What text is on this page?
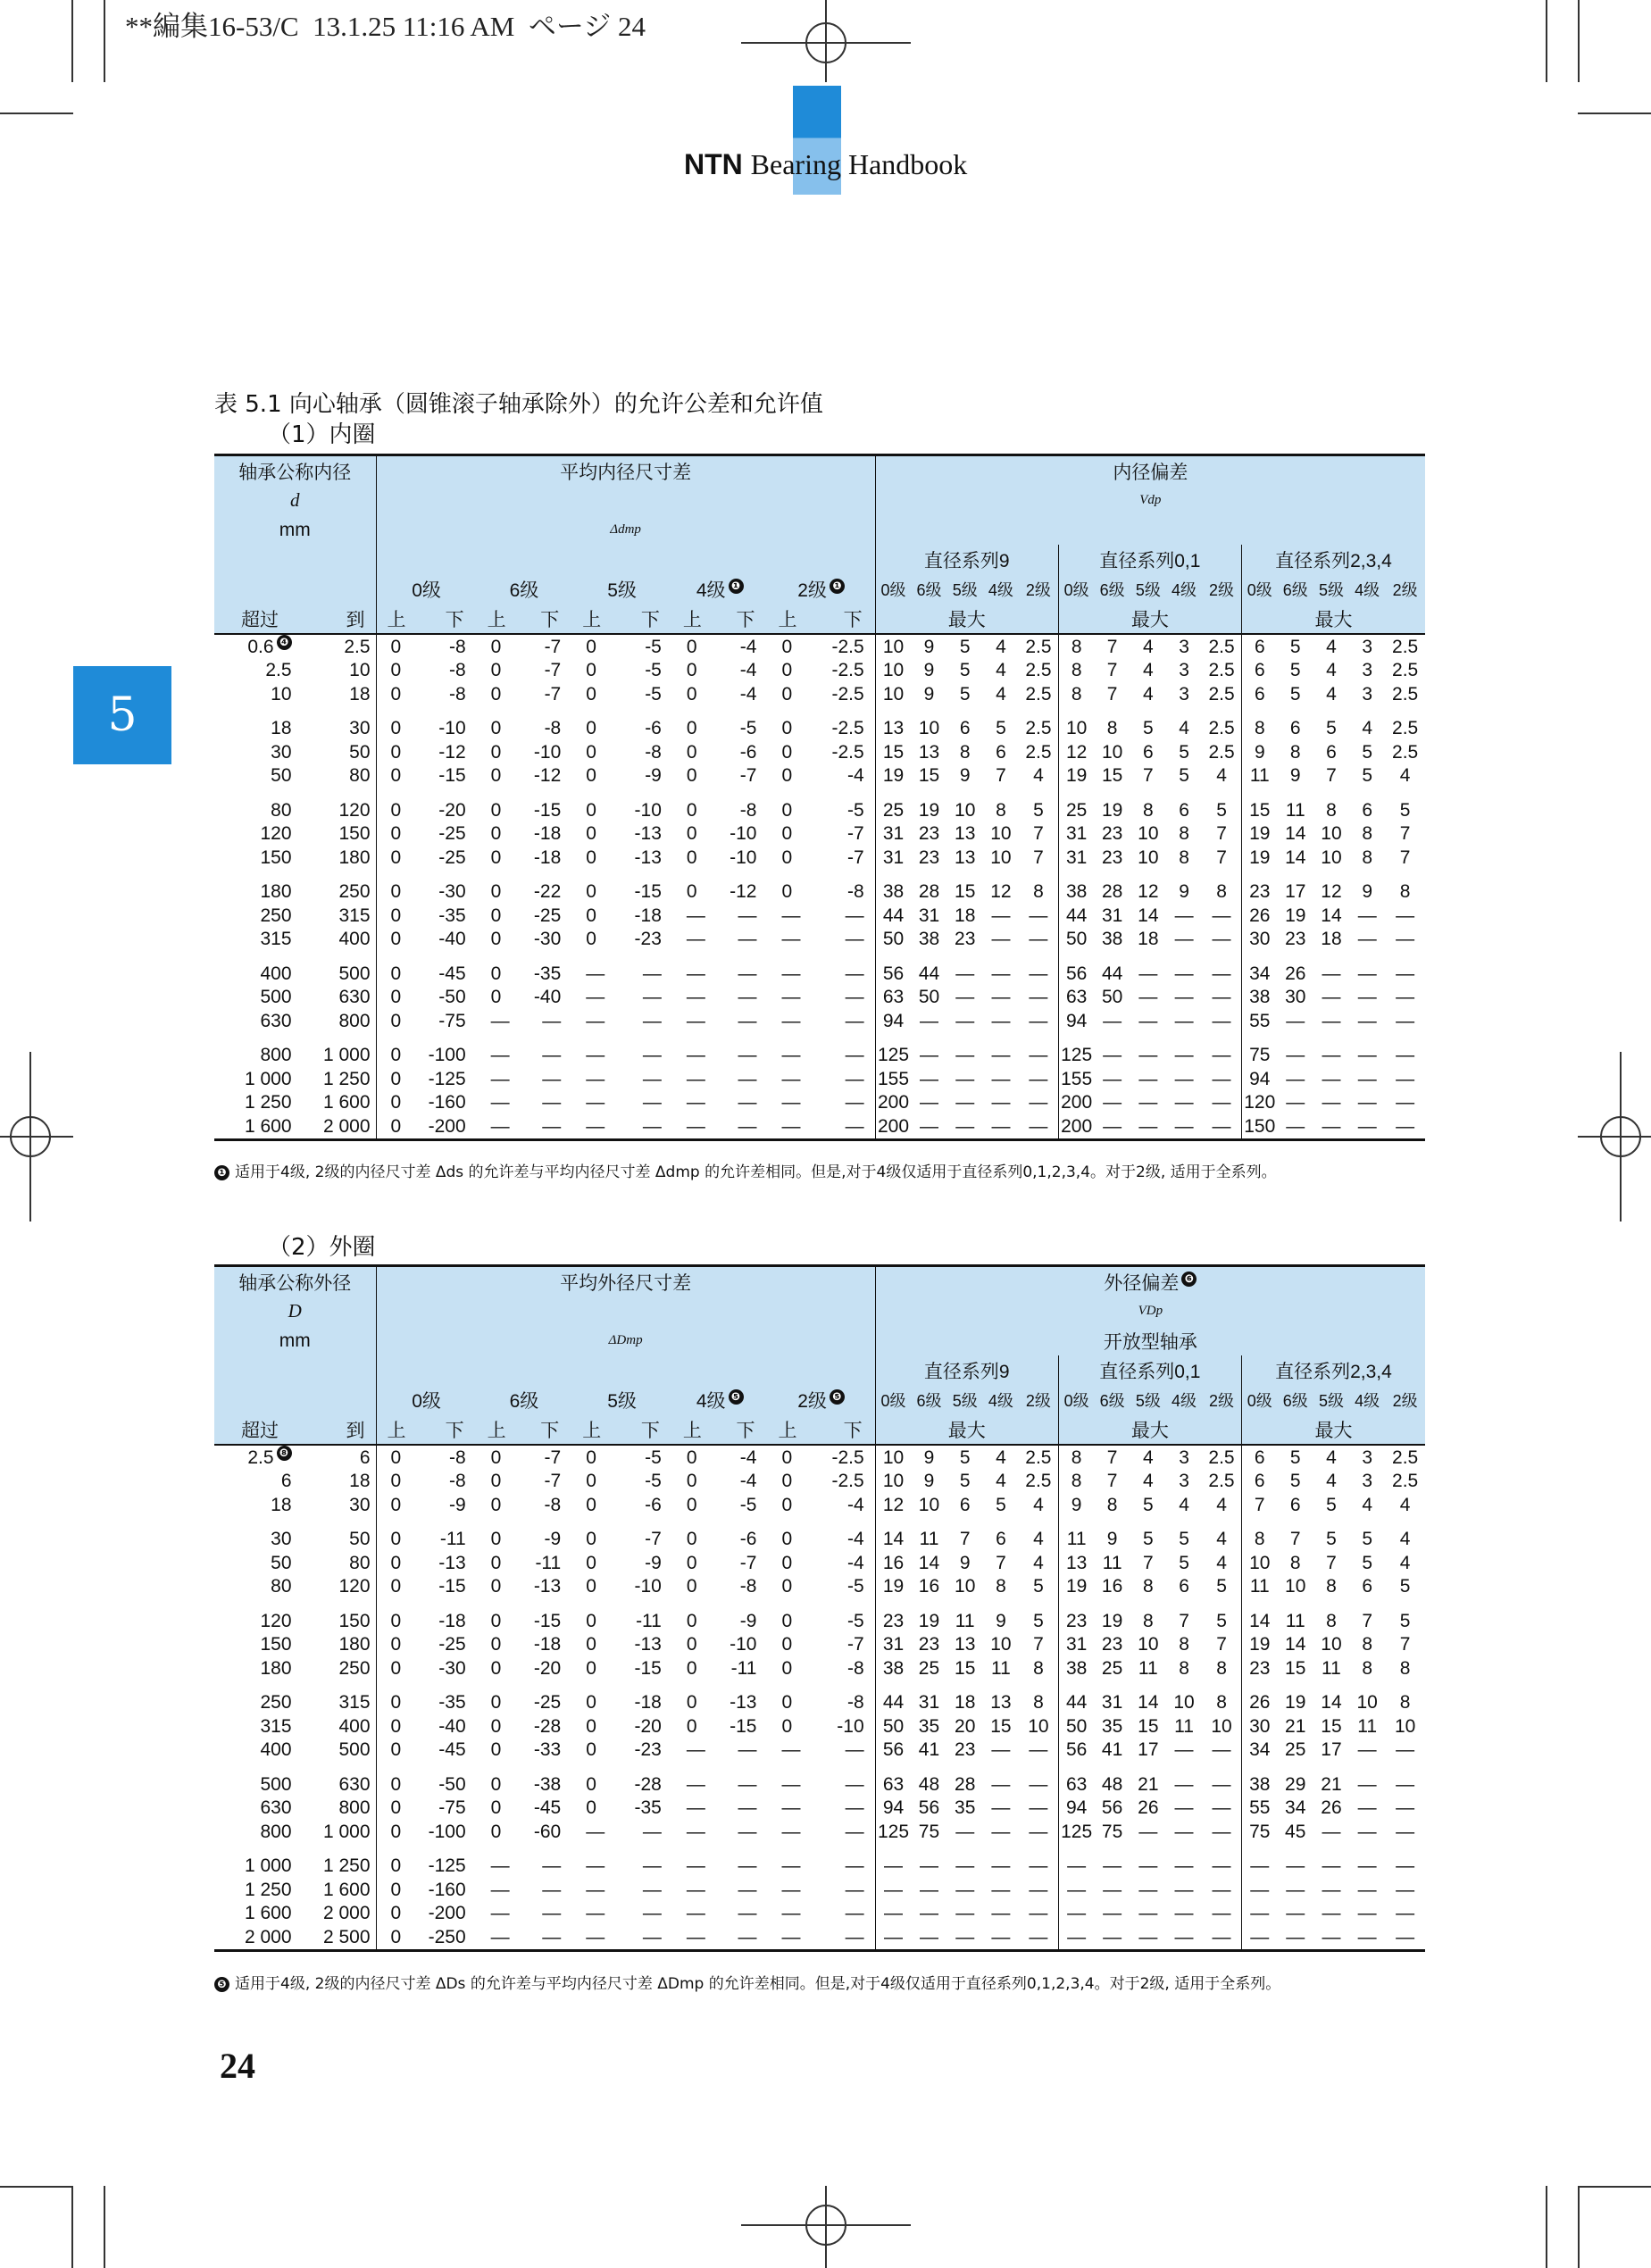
**編集16-53/C  13.1.25 11:16 AM  ページ 24
NTN Bearing Handbook
5
表 5.1 向心轴承（圆锥滚子轴承除外）的允许公差和允许值
（1）内圈
（2）外圈
轴承公称内径		平均内径尺寸差										内径偏差														
d												Vdp														
mm		Δdmp																								
												直径系列9					直径系列0,1					直径系列2,3,4				
		0级		6级		5级		4级 ❶		2级 ❶		0级	6级	5级	4级	2级	0级	6级	5级	4级	2级	0级	6级	5级	4级	2级
超过	到	上	下	上	下	上	下	上	下	上	下	最大					最大					最大				
0.6 ❹	2.5	0	-8	0	-7	0	-5	0	-4	0	-2.5	10	9	5	4	2.5	8	7	4	3	2.5	6	5	4	3	2.5
2.5	10	0	-8	0	-7	0	-5	0	-4	0	-2.5	10	9	5	4	2.5	8	7	4	3	2.5	6	5	4	3	2.5
10	18	0	-8	0	-7	0	-5	0	-4	0	-2.5	10	9	5	4	2.5	8	7	4	3	2.5	6	5	4	3	2.5

18	30	0	-10	0	-8	0	-6	0	-5	0	-2.5	13	10	6	5	2.5	10	8	5	4	2.5	8	6	5	4	2.5
30	50	0	-12	0	-10	0	-8	0	-6	0	-2.5	15	13	8	6	2.5	12	10	6	5	2.5	9	8	6	5	2.5
50	80	0	-15	0	-12	0	-9	0	-7	0	-4	19	15	9	7	4	19	15	7	5	4	11	9	7	5	4

80	120	0	-20	0	-15	0	-10	0	-8	0	-5	25	19	10	8	5	25	19	8	6	5	15	11	8	6	5
120	150	0	-25	0	-18	0	-13	0	-10	0	-7	31	23	13	10	7	31	23	10	8	7	19	14	10	8	7
150	180	0	-25	0	-18	0	-13	0	-10	0	-7	31	23	13	10	7	31	23	10	8	7	19	14	10	8	7

180	250	0	-30	0	-22	0	-15	0	-12	0	-8	38	28	15	12	8	38	28	12	9	8	23	17	12	9	8
250	315	0	-35	0	-25	0	-18	—	—	—	—	44	31	18	—	—	44	31	14	—	—	26	19	14	—	—
315	400	0	-40	0	-30	0	-23	—	—	—	—	50	38	23	—	—	50	38	18	—	—	30	23	18	—	—

400	500	0	-45	0	-35	—	—	—	—	—	—	56	44	—	—	—	56	44	—	—	—	34	26	—	—	—
500	630	0	-50	0	-40	—	—	—	—	—	—	63	50	—	—	—	63	50	—	—	—	38	30	—	—	—
630	800	0	-75	—	—	—	—	—	—	—	—	94	—	—	—	—	94	—	—	—	—	55	—	—	—	—

800	1 000	0	-100	—	—	—	—	—	—	—	—	125	—	—	—	—	125	—	—	—	—	75	—	—	—	—
1 000	1 250	0	-125	—	—	—	—	—	—	—	—	155	—	—	—	—	155	—	—	—	—	94	—	—	—	—
1 250	1 600	0	-160	—	—	—	—	—	—	—	—	200	—	—	—	—	200	—	—	—	—	120	—	—	—	—
1 600	2 000	0	-200	—	—	—	—	—	—	—	—	200	—	—	—	—	200	—	—	—	—	150	—	—	—	—
❶ 适用于4级, 2级的内径尺寸差 Δds 的允许差与平均内径尺寸差 Δdmp 的允许差相同。但是,对于4级仅适用于直径系列0,1,2,3,4。对于2级, 适用于全系列。
轴承公称外径		平均外径尺寸差										外径偏差 ❻														
D												VDp														
mm		ΔDmp										开放型轴承														
												直径系列9					直径系列0,1					直径系列2,3,4				
		0级		6级		5级		4级 ❺		2级 ❺		0级	6级	5级	4级	2级	0级	6级	5级	4级	2级	0级	6级	5级	4级	2级
超过	到	上	下	上	下	上	下	上	下	上	下	最大					最大					最大				
2.5 ❽	6	0	-8	0	-7	0	-5	0	-4	0	-2.5	10	9	5	4	2.5	8	7	4	3	2.5	6	5	4	3	2.5
6	18	0	-8	0	-7	0	-5	0	-4	0	-2.5	10	9	5	4	2.5	8	7	4	3	2.5	6	5	4	3	2.5
18	30	0	-9	0	-8	0	-6	0	-5	0	-4	12	10	6	5	4	9	8	5	4	4	7	6	5	4	4

30	50	0	-11	0	-9	0	-7	0	-6	0	-4	14	11	7	6	4	11	9	5	5	4	8	7	5	5	4
50	80	0	-13	0	-11	0	-9	0	-7	0	-4	16	14	9	7	4	13	11	7	5	4	10	8	7	5	4
80	120	0	-15	0	-13	0	-10	0	-8	0	-5	19	16	10	8	5	19	16	8	6	5	11	10	8	6	5

120	150	0	-18	0	-15	0	-11	0	-9	0	-5	23	19	11	9	5	23	19	8	7	5	14	11	8	7	5
150	180	0	-25	0	-18	0	-13	0	-10	0	-7	31	23	13	10	7	31	23	10	8	7	19	14	10	8	7
180	250	0	-30	0	-20	0	-15	0	-11	0	-8	38	25	15	11	8	38	25	11	8	8	23	15	11	8	8

250	315	0	-35	0	-25	0	-18	0	-13	0	-8	44	31	18	13	8	44	31	14	10	8	26	19	14	10	8
315	400	0	-40	0	-28	0	-20	0	-15	0	-10	50	35	20	15	10	50	35	15	11	10	30	21	15	11	10
400	500	0	-45	0	-33	0	-23	—	—	—	—	56	41	23	—	—	56	41	17	—	—	34	25	17	—	—

500	630	0	-50	0	-38	0	-28	—	—	—	—	63	48	28	—	—	63	48	21	—	—	38	29	21	—	—
630	800	0	-75	0	-45	0	-35	—	—	—	—	94	56	35	—	—	94	56	26	—	—	55	34	26	—	—
800	1 000	0	-100	0	-60	—	—	—	—	—	—	125	75	—	—	—	125	75	—	—	—	75	45	—	—	—

1 000	1 250	0	-125	—	—	—	—	—	—	—	—	—	—	—	—	—	—	—	—	—	—	—	—	—	—	—
1 250	1 600	0	-160	—	—	—	—	—	—	—	—	—	—	—	—	—	—	—	—	—	—	—	—	—	—	—
1 600	2 000	0	-200	—	—	—	—	—	—	—	—	—	—	—	—	—	—	—	—	—	—	—	—	—	—	—
2 000	2 500	0	-250	—	—	—	—	—	—	—	—	—	—	—	—	—	—	—	—	—	—	—	—	—	—	—
❺ 适用于4级, 2级的内径尺寸差 ΔDs 的允许差与平均内径尺寸差 ΔDmp 的允许差相同。但是,对于4级仅适用于直径系列0,1,2,3,4。对于2级, 适用于全系列。
24
